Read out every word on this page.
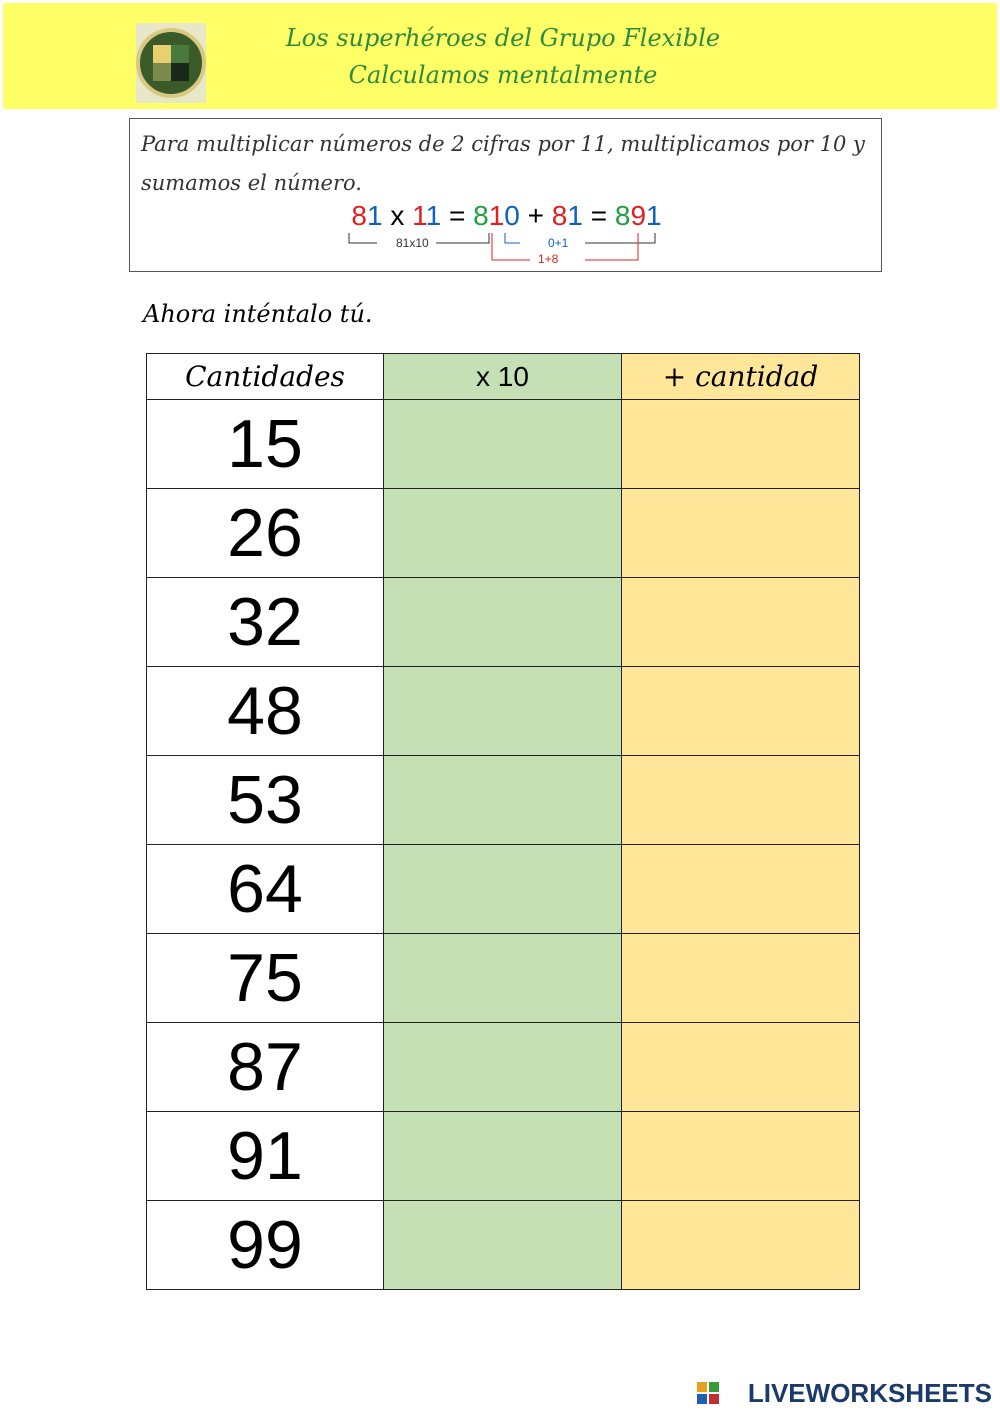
Los superhéroes del Grupo Flexible
Calculamos mentalmente
Para multiplicar números de 2 cifras por 11, multiplicamos por 10 y sumamos el número.
81 x 11 = 810 + 81 = 891
81x10	0+1
1+8
Ahora inténtalo tú.
Cantidades	x 10	+ cantidad
15		
26		
32		
48		
53		
64		
75		
87		
91		
99		
LIVEWORKSHEETS
